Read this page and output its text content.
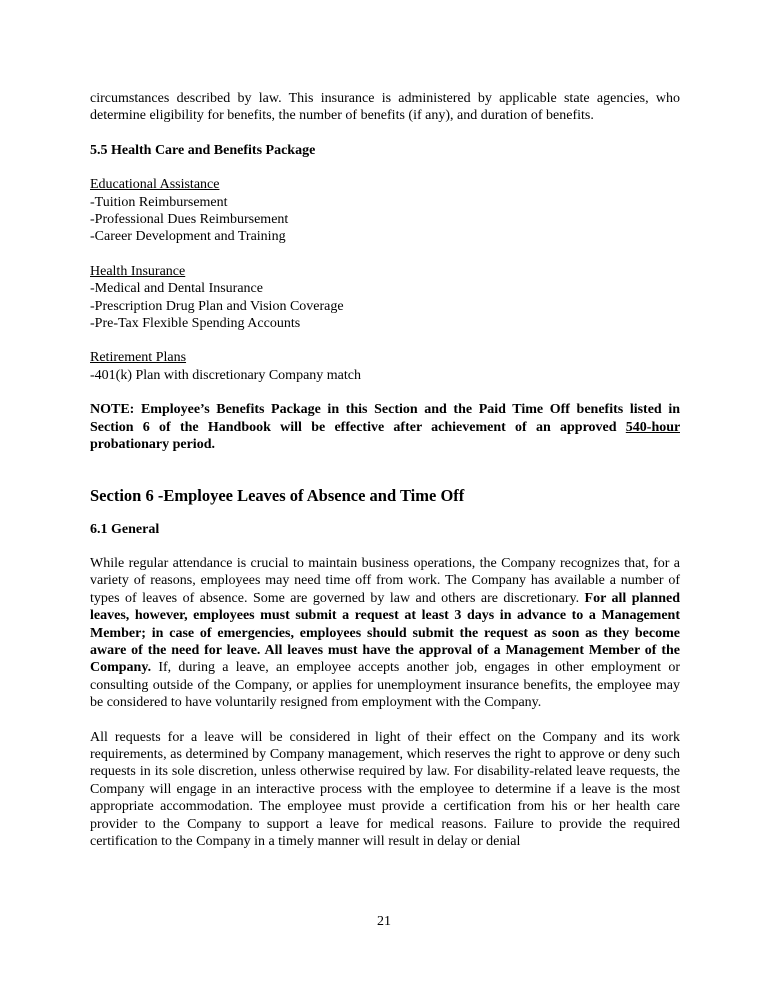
circumstances described by law. This insurance is administered by applicable state agencies, who determine eligibility for benefits, the number of benefits (if any), and duration of benefits.

5.5 Health Care and Benefits Package

Educational Assistance

-Tuition Reimbursement

-Professional Dues Reimbursement

-Career Development and Training

Health Insurance

-Medical and Dental Insurance

-Prescription Drug Plan and Vision Coverage

-Pre-Tax Flexible Spending Accounts

Retirement Plans

-401(k) Plan with discretionary Company match

NOTE: Employee’s Benefits Package in this Section and the Paid Time Off benefits listed in Section 6 of the Handbook will be effective after achievement of an approved 540-hour probationary period.

Section 6 -Employee Leaves of Absence and Time Off

6.1 General

While regular attendance is crucial to maintain business operations, the Company recognizes that, for a variety of reasons, employees may need time off from work. The Company has available a number of types of leaves of absence. Some are governed by law and others are discretionary. For all planned leaves, however, employees must submit a request at least 3 days in advance to a Management Member; in case of emergencies, employees should submit the request as soon as they become aware of the need for leave. All leaves must have the approval of a Management Member of the Company. If, during a leave, an employee accepts another job, engages in other employment or consulting outside of the Company, or applies for unemployment insurance benefits, the employee may be considered to have voluntarily resigned from employment with the Company.

All requests for a leave will be considered in light of their effect on the Company and its work requirements, as determined by Company management, which reserves the right to approve or deny such requests in its sole discretion, unless otherwise required by law. For disability-related leave requests, the Company will engage in an interactive process with the employee to determine if a leave is the most appropriate accommodation. The employee must provide a certification from his or her health care provider to the Company to support a leave for medical reasons. Failure to provide the required certification to the Company in a timely manner will result in delay or denial

21
